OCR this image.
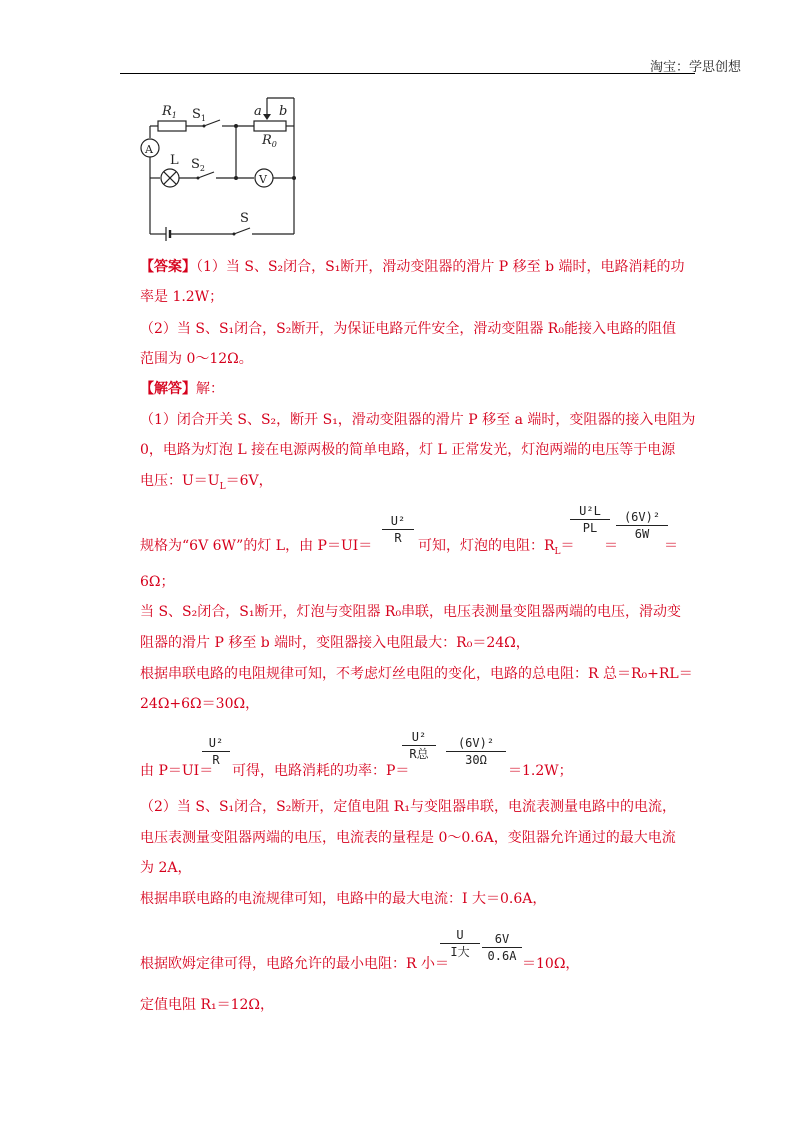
淘宝：学思创想
$R_1$ $S_1$	a b
$R_0$
A
L $S_2$
V
S
【答案】（1）当 S、S₂闭合，S₁断开，滑动变阻器的滑片 P 移至 b 端时，电路消耗的功
率是 1.2W；
（2）当 S、S₁闭合，S₂断开，为保证电路元件安全，滑动变阻器 R₀能接入电路的阻值
范围为 0～12Ω。
【解答】解：
（1）闭合开关 S、S₂，断开 S₁，滑动变阻器的滑片 P 移至 a 端时，变阻器的接入电阻为
0，电路为灯泡 L 接在电源两极的简单电路，灯 L 正常发光，灯泡两端的电压等于电源
电压：$U=U_L=6V$，
规格为“6V 6W”的灯 L，由 P＝UI＝
U²
R	可知，灯泡的电阻：$R_L=$
U²L
PL
＝
(6V)²
6W
＝
6Ω；
当 S、S₂闭合，S₁断开，灯泡与变阻器 R₀串联，电压表测量变阻器两端的电压，滑动变
阻器的滑片 P 移至 b 端时，变阻器接入电阻最大：R₀＝24Ω，
根据串联电路的电阻规律可知，不考虑灯丝电阻的变化，电路的总电阻：R 总＝R₀+RL＝
24Ω+6Ω＝30Ω，
由 P＝UI＝
U²
R
可得，电路消耗的功率：P＝
U²
R总
(6V)²
30Ω
＝1.2W；
（2）当 S、S₁闭合，S₂断开，定值电阻 R₁与变阻器串联，电流表测量电路中的电流，
电压表测量变阻器两端的电压，电流表的量程是 0～0.6A，变阻器允许通过的最大电流
为 2A，
根据串联电路的电流规律可知，电路中的最大电流：I 大＝0.6A，
根据欧姆定律可得，电路允许的最小电阻：R 小＝
U
I大
6V
0.6A ＝10Ω，
定值电阻 R₁＝12Ω，
